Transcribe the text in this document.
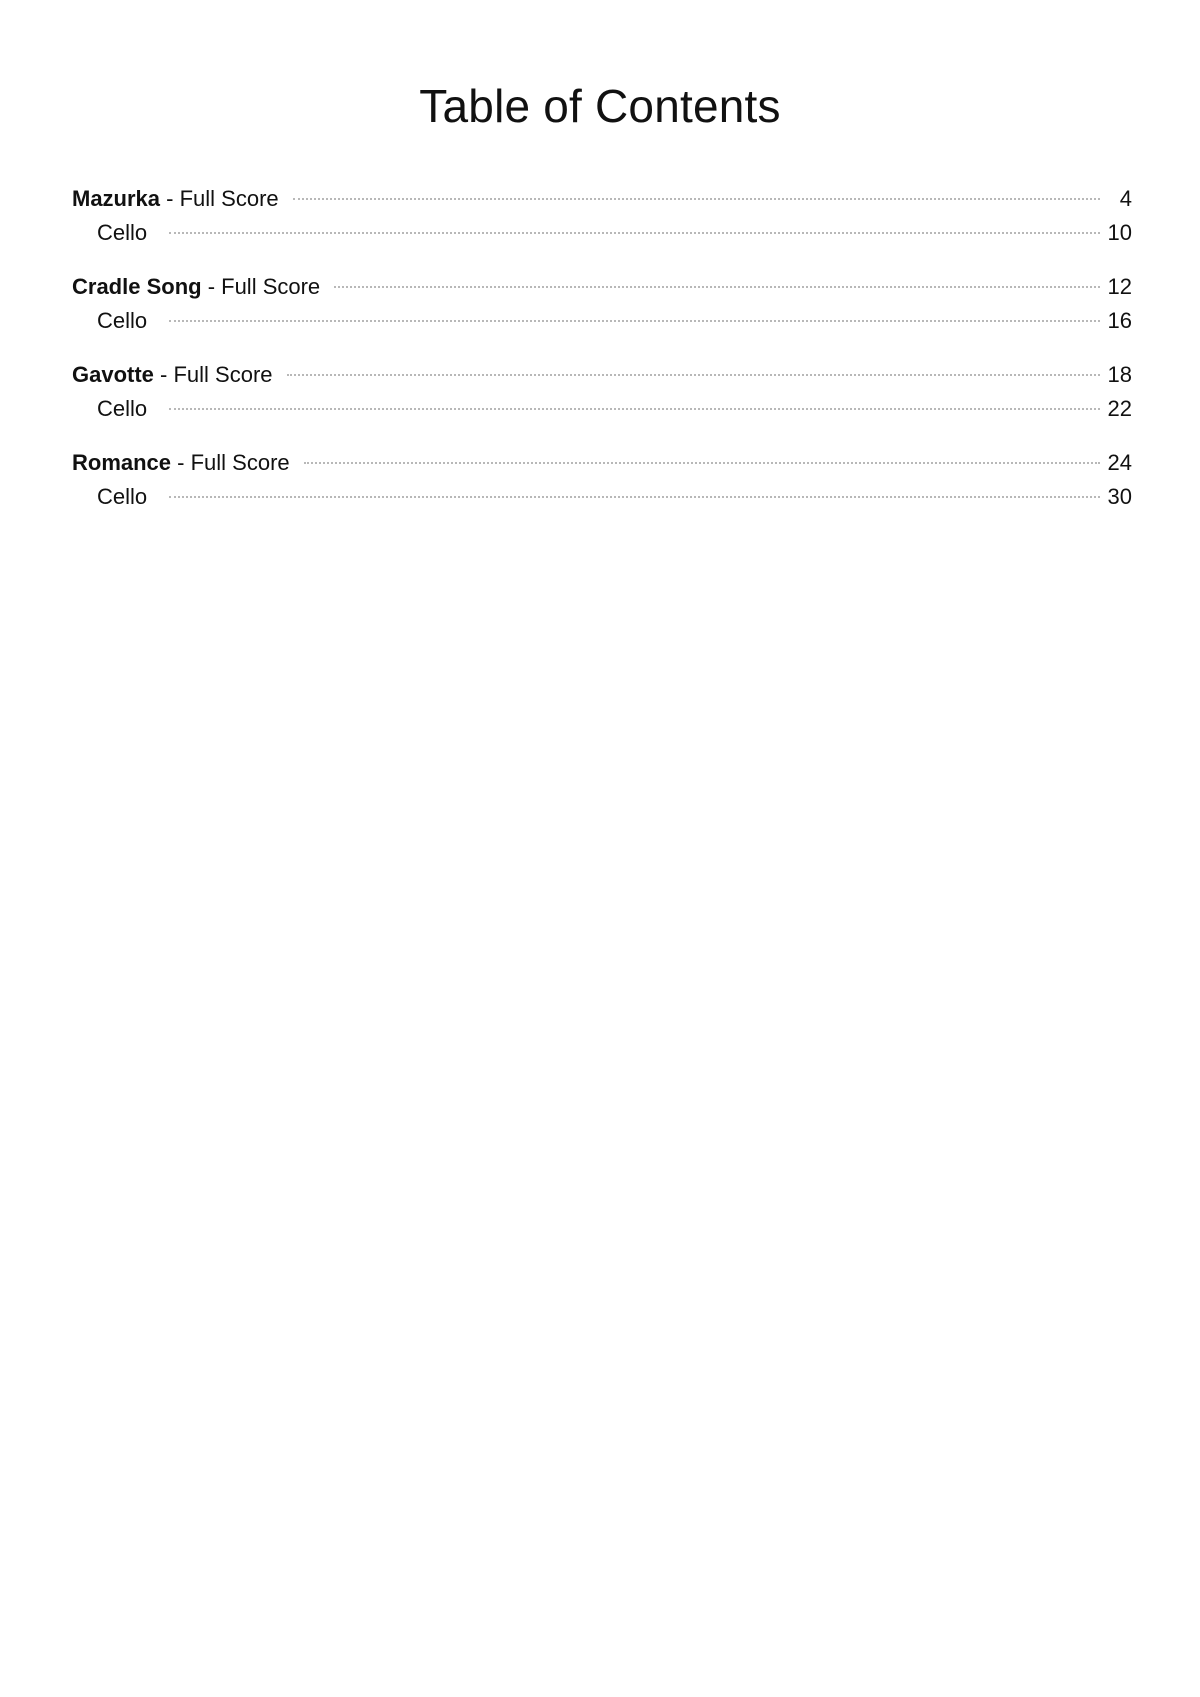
Table of Contents
Mazurka - Full Score	4
Cello	10
Cradle Song - Full Score	12
Cello	16
Gavotte - Full Score	18
Cello	22
Romance - Full Score	24
Cello	30
